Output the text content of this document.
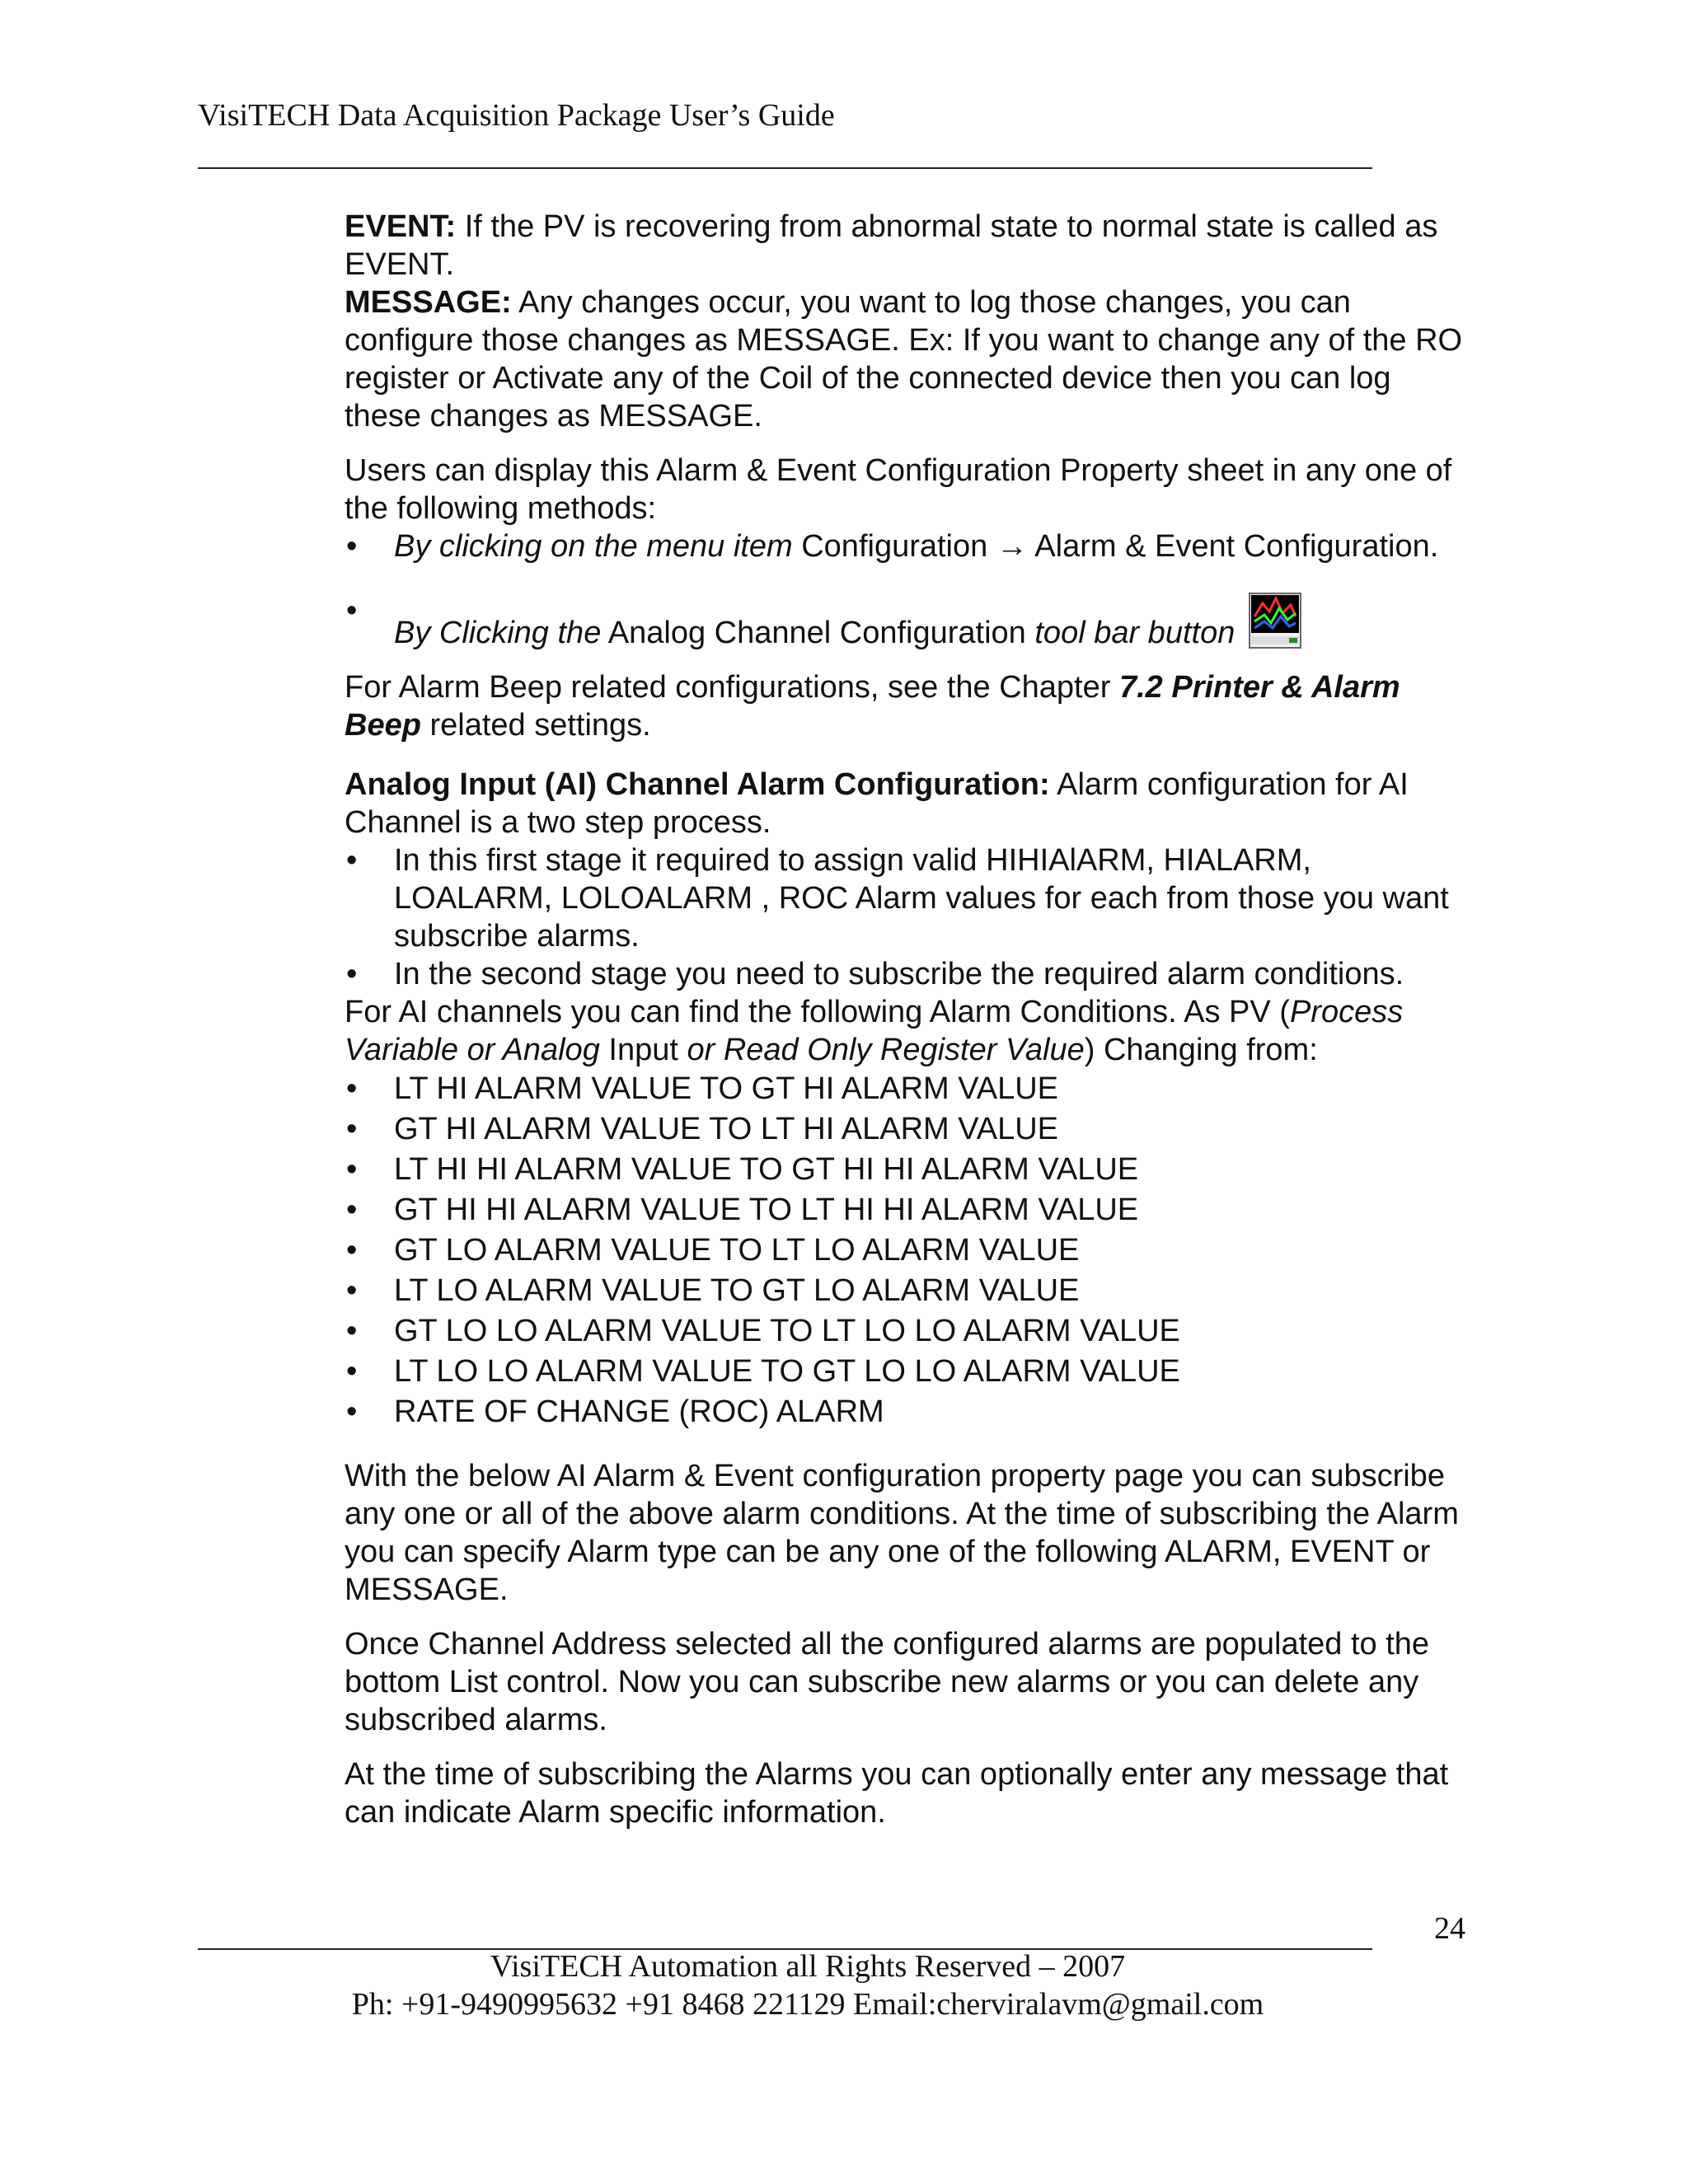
VisiTECH Data Acquisition Package User’s Guide

EVENT: If the PV is recovering from abnormal state to normal state is called as EVENT.

MESSAGE: Any changes occur, you want to log those changes, you can configure those changes as MESSAGE. Ex: If you want to change any of the RO register or Activate any of the Coil of the connected device then you can log these changes as MESSAGE.

Users can display this Alarm & Event Configuration Property sheet in any one of the following methods:

• By clicking on the menu item Configuration → Alarm & Event Configuration.
•
By Clicking the Analog Channel Configuration tool bar button

For Alarm Beep related configurations, see the Chapter 7.2 Printer & Alarm Beep related settings.

Analog Input (AI) Channel Alarm Configuration: Alarm configuration for AI Channel is a two step process.

• In this first stage it required to assign valid HIHIAlARM, HIALARM, LOALARM, LOLOALARM , ROC Alarm values for each from those you want subscribe alarms.
• In the second stage you need to subscribe the required alarm conditions.

For AI channels you can find the following Alarm Conditions. As PV (Process Variable or Analog Input or Read Only Register Value) Changing from:

• LT HI ALARM VALUE TO GT HI ALARM VALUE
• GT HI ALARM VALUE TO LT HI ALARM VALUE
• LT HI HI ALARM VALUE TO GT HI HI ALARM VALUE
• GT HI HI ALARM VALUE TO LT HI HI ALARM VALUE
• GT LO ALARM VALUE TO LT LO ALARM VALUE
• LT LO ALARM VALUE TO GT LO ALARM VALUE
• GT LO LO ALARM VALUE TO LT LO LO ALARM VALUE
• LT LO LO ALARM VALUE TO GT LO LO ALARM VALUE
• RATE OF CHANGE (ROC) ALARM

With the below AI Alarm & Event configuration property page you can subscribe any one or all of the above alarm conditions. At the time of subscribing the Alarm you can specify Alarm type can be any one of the following ALARM, EVENT or MESSAGE.

Once Channel Address selected all the configured alarms are populated to the bottom List control. Now you can subscribe new alarms or you can delete any subscribed alarms.

At the time of subscribing the Alarms you can optionally enter any message that can indicate Alarm specific information.

24
VisiTECH Automation all Rights Reserved – 2007
Ph: +91-9490995632 +91 8468 221129 Email:cherviralavm@gmail.com
